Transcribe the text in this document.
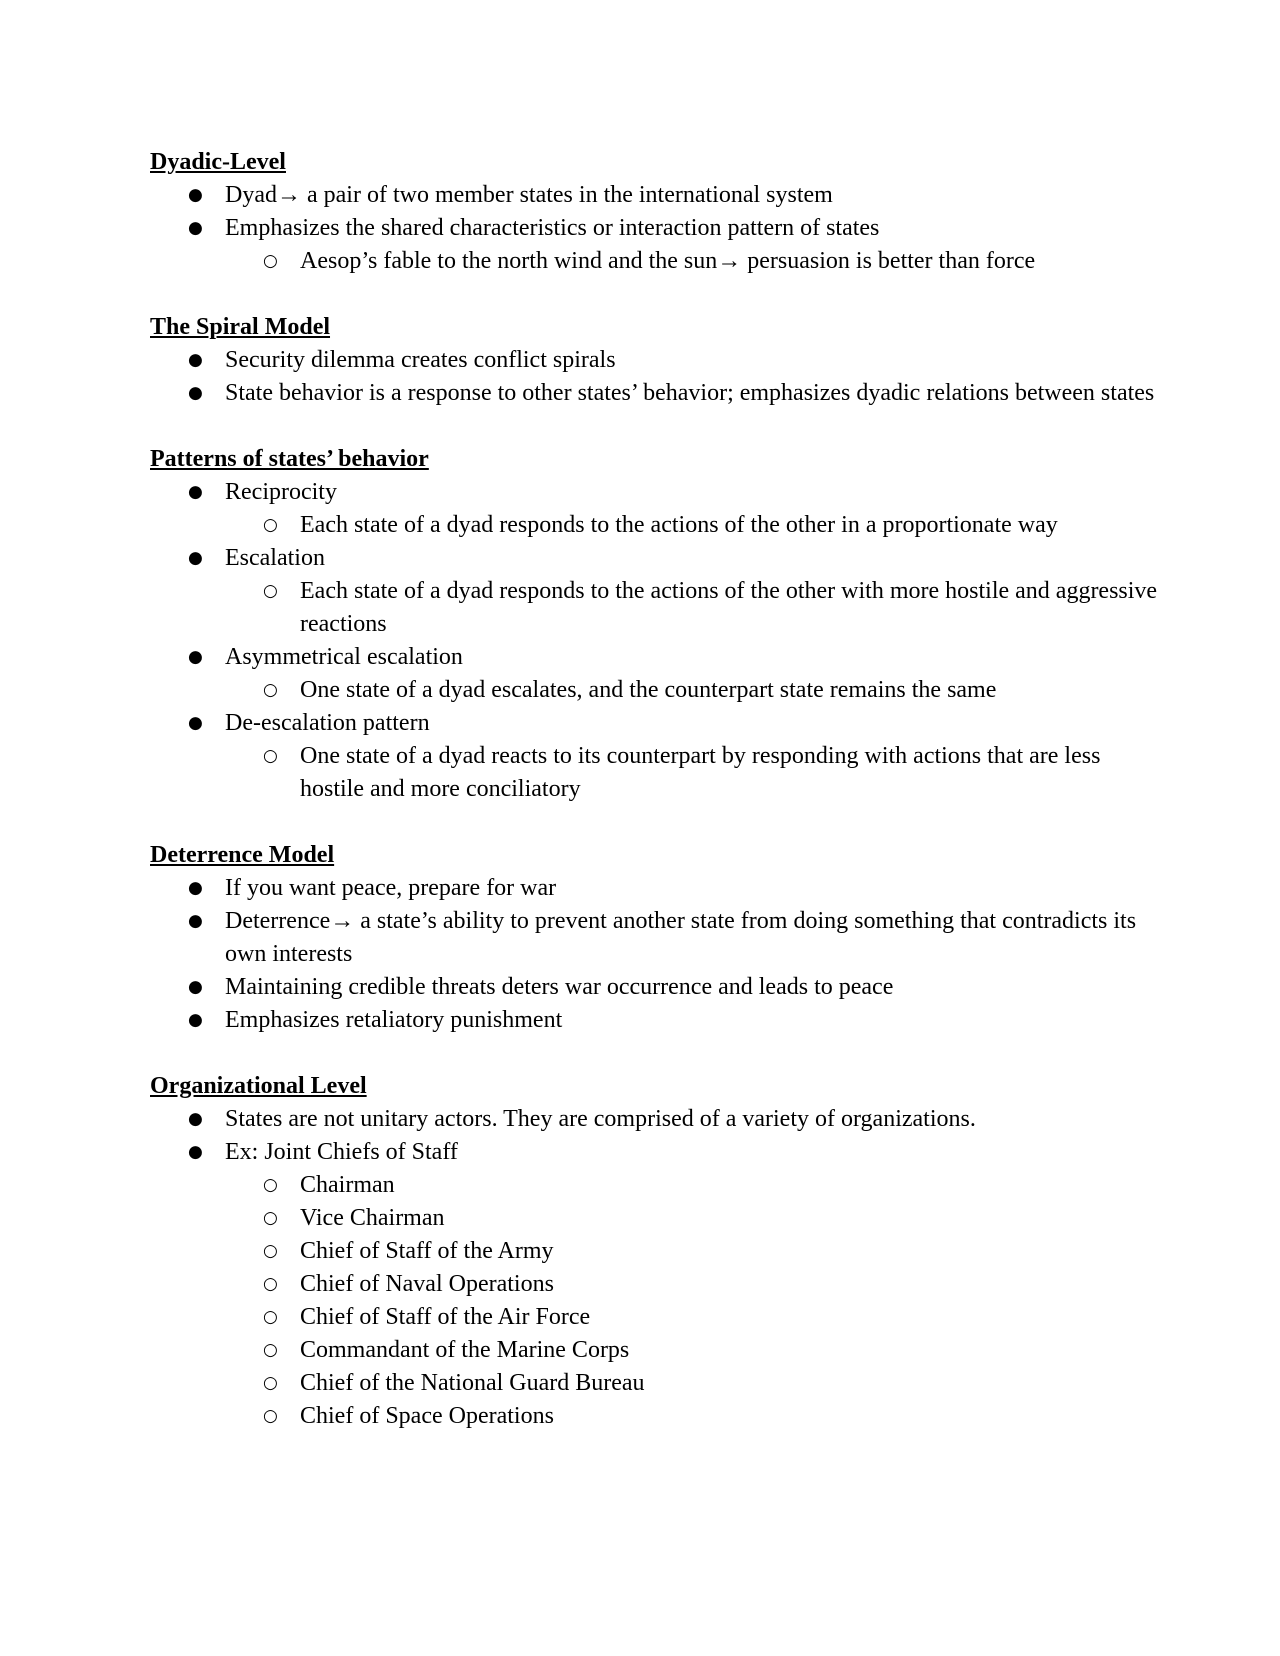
Dyadic-Level
● Dyad→ a pair of two member states in the international system
● Emphasizes the shared characteristics or interaction pattern of states
○ Aesop’s fable to the north wind and the sun→ persuasion is better than force
The Spiral Model
● Security dilemma creates conflict spirals
● State behavior is a response to other states’ behavior; emphasizes dyadic relations between states
Patterns of states’ behavior
● Reciprocity
○ Each state of a dyad responds to the actions of the other in a proportionate way
● Escalation
○ Each state of a dyad responds to the actions of the other with more hostile and aggressive reactions
● Asymmetrical escalation
○ One state of a dyad escalates, and the counterpart state remains the same
● De-escalation pattern
○ One state of a dyad reacts to its counterpart by responding with actions that are less hostile and more conciliatory
Deterrence Model
● If you want peace, prepare for war
● Deterrence→ a state’s ability to prevent another state from doing something that contradicts its own interests
● Maintaining credible threats deters war occurrence and leads to peace
● Emphasizes retaliatory punishment
Organizational Level
● States are not unitary actors. They are comprised of a variety of organizations.
● Ex: Joint Chiefs of Staff
○ Chairman
○ Vice Chairman
○ Chief of Staff of the Army
○ Chief of Naval Operations
○ Chief of Staff of the Air Force
○ Commandant of the Marine Corps
○ Chief of the National Guard Bureau
○ Chief of Space Operations
